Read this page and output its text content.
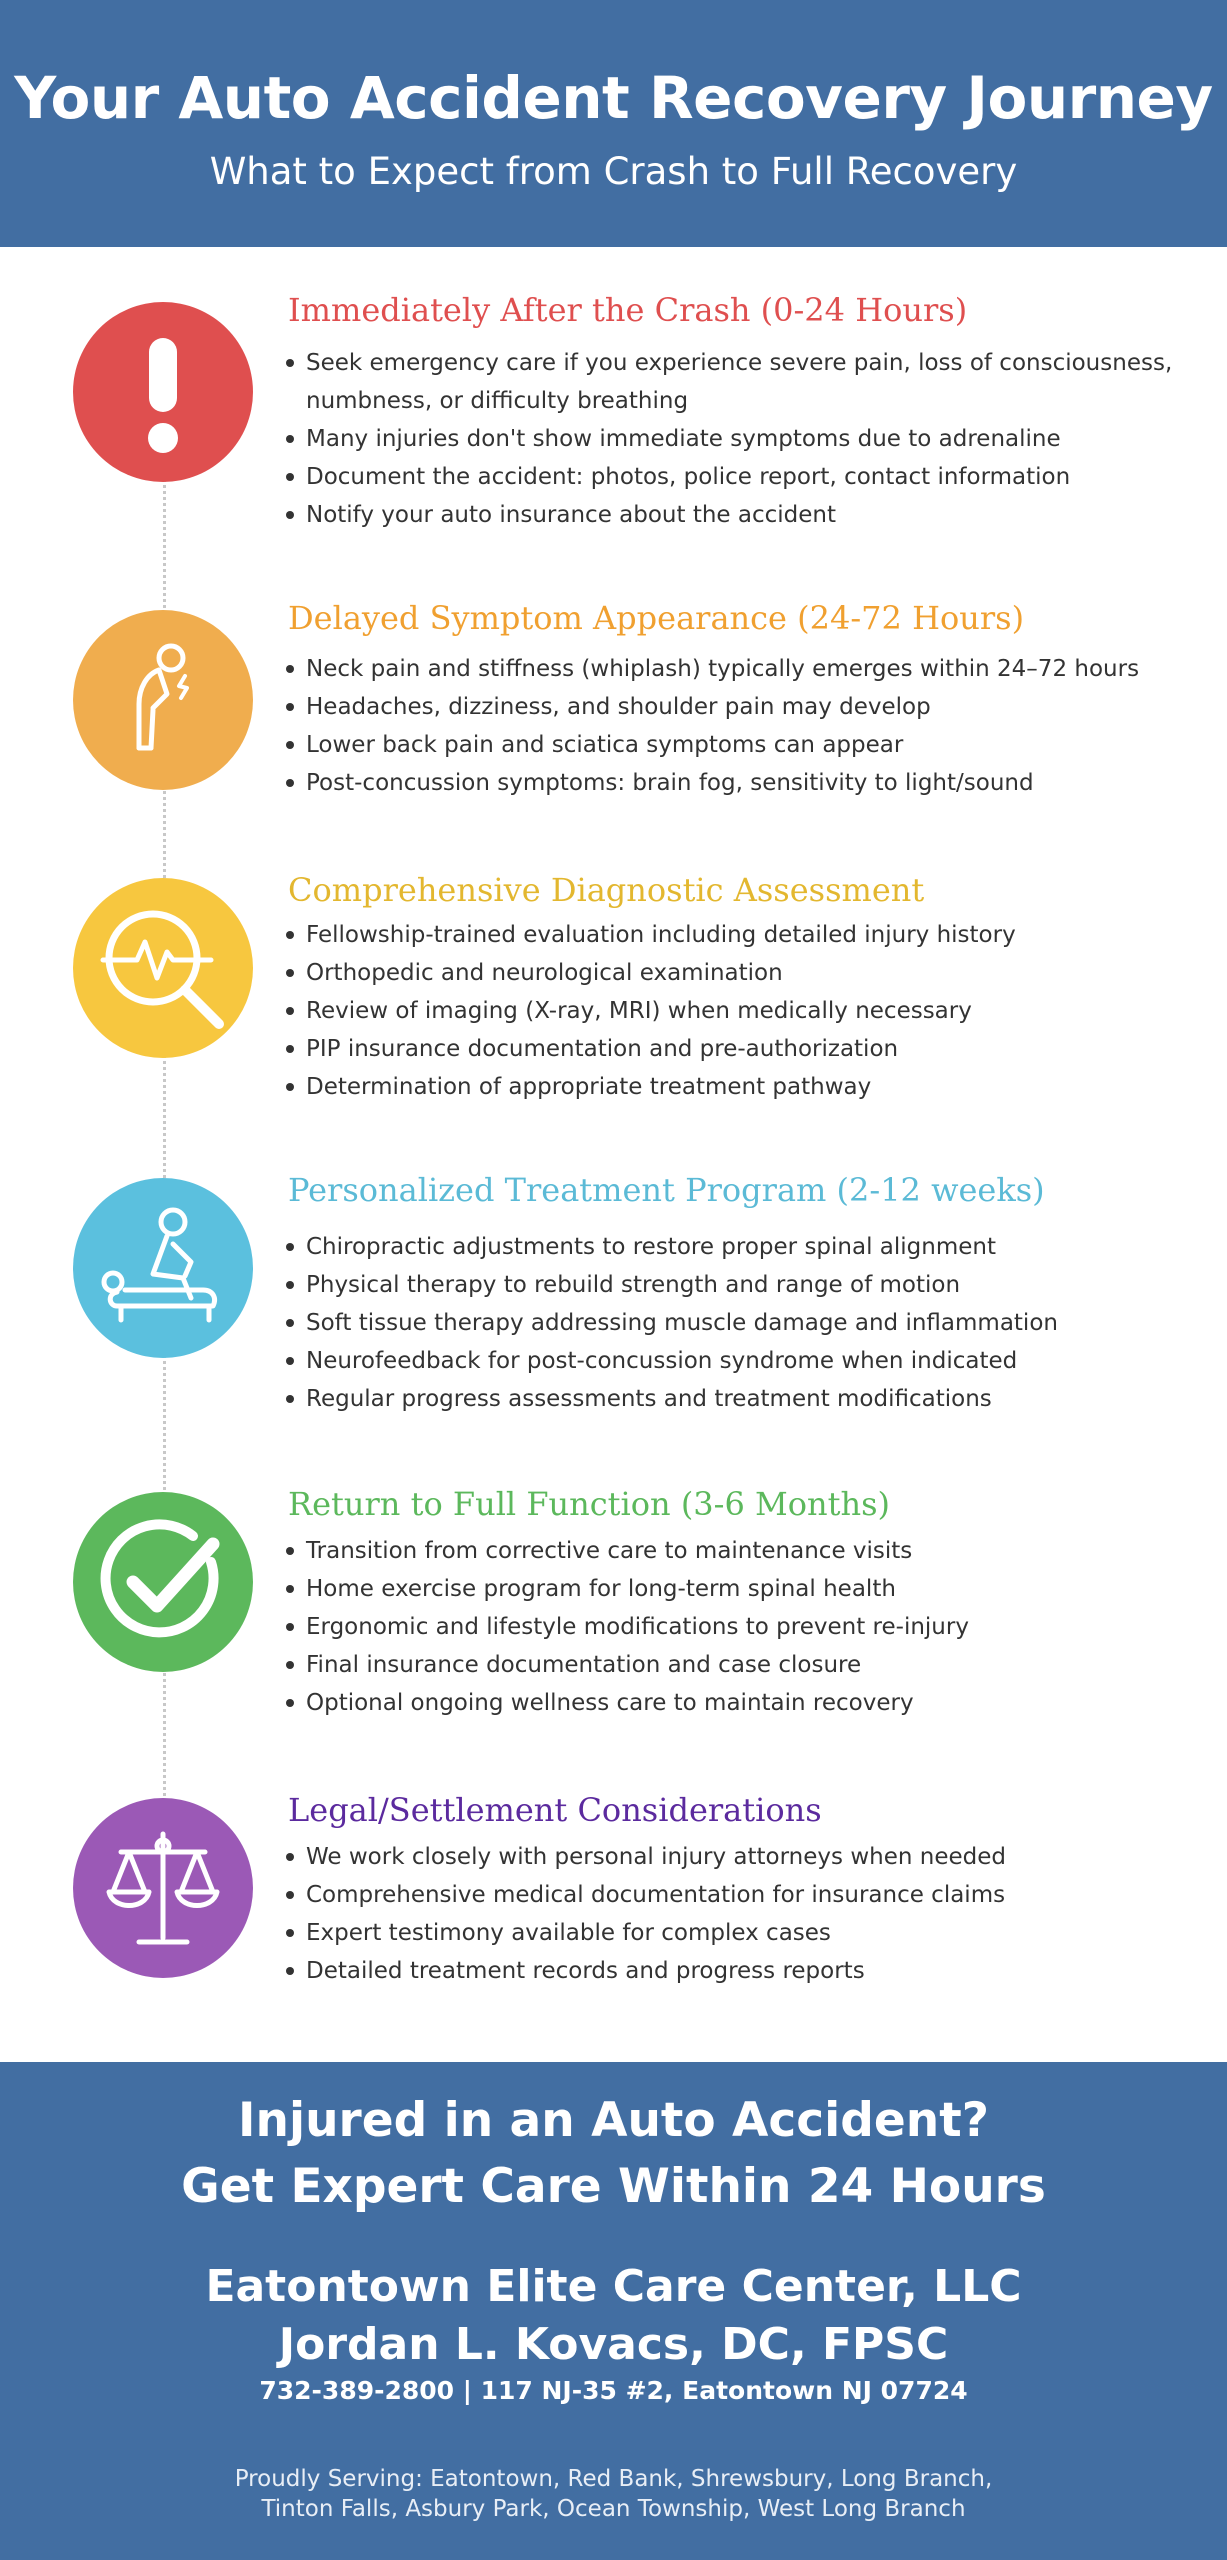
Your Auto Accident Recovery Journey
What to Expect from Crash to Full Recovery
Immediately After the Crash (0-24 Hours)
Seek emergency care if you experience severe pain, loss of consciousness,
numbness, or difficulty breathing
Many injuries don't show immediate symptoms due to adrenaline
Document the accident: photos, police report, contact information
Notify your auto insurance about the accident
Delayed Symptom Appearance (24-72 Hours)
Neck pain and stiffness (whiplash) typically emerges within 24–72 hours
Headaches, dizziness, and shoulder pain may develop
Lower back pain and sciatica symptoms can appear
Post-concussion symptoms: brain fog, sensitivity to light/sound
Comprehensive Diagnostic Assessment
Fellowship-trained evaluation including detailed injury history
Orthopedic and neurological examination
Review of imaging (X-ray, MRI) when medically necessary
PIP insurance documentation and pre-authorization
Determination of appropriate treatment pathway
Personalized Treatment Program (2-12 weeks)
Chiropractic adjustments to restore proper spinal alignment
Physical therapy to rebuild strength and range of motion
Soft tissue therapy addressing muscle damage and inflammation
Neurofeedback for post-concussion syndrome when indicated
Regular progress assessments and treatment modifications
Return to Full Function (3-6 Months)
Transition from corrective care to maintenance visits
Home exercise program for long-term spinal health
Ergonomic and lifestyle modifications to prevent re-injury
Final insurance documentation and case closure
Optional ongoing wellness care to maintain recovery
Legal/Settlement Considerations
We work closely with personal injury attorneys when needed
Comprehensive medical documentation for insurance claims
Expert testimony available for complex cases
Detailed treatment records and progress reports
Injured in an Auto Accident?
Get Expert Care Within 24 Hours
Eatontown Elite Care Center, LLC
Jordan L. Kovacs, DC, FPSC
732-389-2800 | 117 NJ-35 #2, Eatontown NJ 07724
Proudly Serving: Eatontown, Red Bank, Shrewsbury, Long Branch,
Tinton Falls, Asbury Park, Ocean Township, West Long Branch
